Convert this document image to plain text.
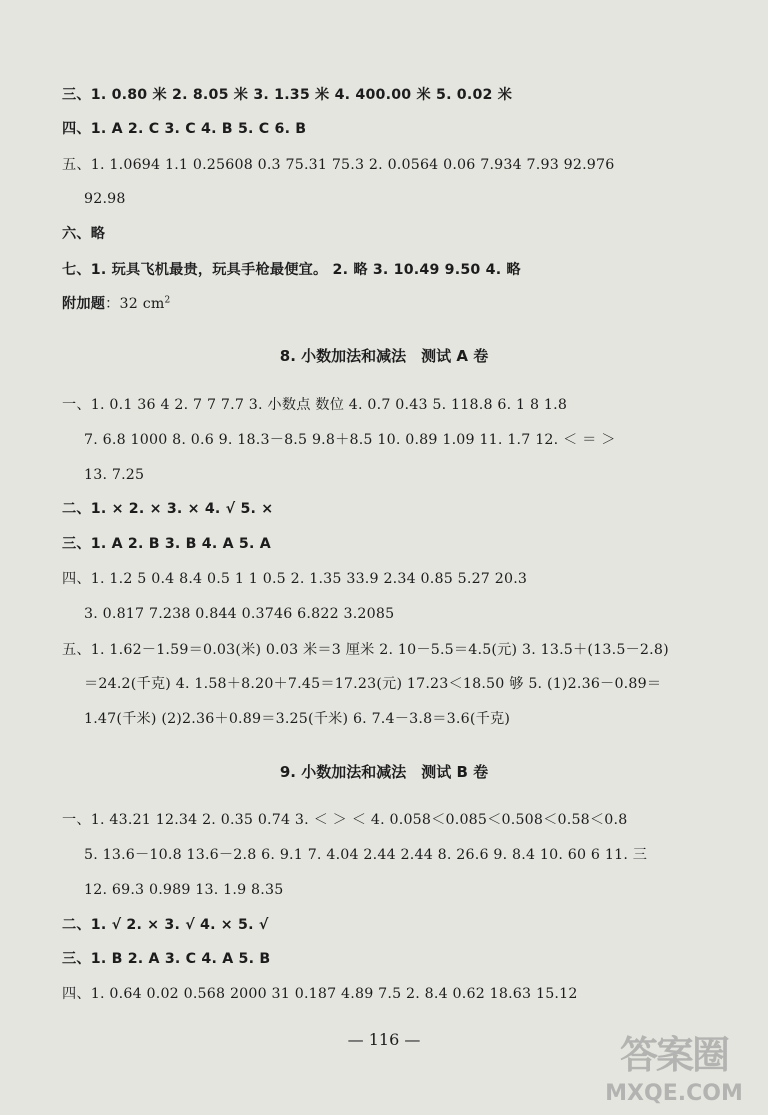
三、1. 0.80 米 2. 8.05 米 3. 1.35 米 4. 400.00 米 5. 0.02 米
四、1. A 2. C 3. C 4. B 5. C 6. B
五、1. 1.0694 1.1 0.25608 0.3 75.31 75.3 2. 0.0564 0.06 7.934 7.93 92.976
92.98
六、略
七、1. 玩具飞机最贵，玩具手枪最便宜。 2. 略 3. 10.49 9.50 4. 略
附加题：32 $cm^2$
8. 小数加法和减法　测试 A 卷
一、1. 0.1 36 4 2. 7 7 7.7 3. 小数点 数位 4. 0.7 0.43 5. 118.8 6. 1 8 1.8
7. 6.8 1000 8. 0.6 9. 18.3－8.5 9.8＋8.5 10. 0.89 1.09 11. 1.7 12. ＜ ＝ ＞
13. 7.25
二、1. × 2. × 3. × 4. √ 5. ×
三、1. A 2. B 3. B 4. A 5. A
四、1. 1.2 5 0.4 8.4 0.5 1 1 0.5 2. 1.35 33.9 2.34 0.85 5.27 20.3
3. 0.817 7.238 0.844 0.3746 6.822 3.2085
五、1. 1.62－1.59＝0.03(米) 0.03 米＝3 厘米 2. 10－5.5＝4.5(元) 3. 13.5＋(13.5－2.8)
＝24.2(千克) 4. 1.58＋8.20＋7.45＝17.23(元) 17.23＜18.50 够 5. (1)2.36－0.89＝
1.47(千米) (2)2.36＋0.89＝3.25(千米) 6. 7.4－3.8＝3.6(千克)
9. 小数加法和减法　测试 B 卷
一、1. 43.21 12.34 2. 0.35 0.74 3. ＜ ＞ ＜ 4. 0.058＜0.085＜0.508＜0.58＜0.8
5. 13.6－10.8 13.6－2.8 6. 9.1 7. 4.04 2.44 2.44 8. 26.6 9. 8.4 10. 60 6 11. 三
12. 69.3 0.989 13. 1.9 8.35
二、1. √ 2. × 3. √ 4. × 5. √
三、1. B 2. A 3. C 4. A 5. B
四、1. 0.64 0.02 0.568 2000 31 0.187 4.89 7.5 2. 8.4 0.62 18.63 15.12
— 116 —	答案圈
MXQE.COM
